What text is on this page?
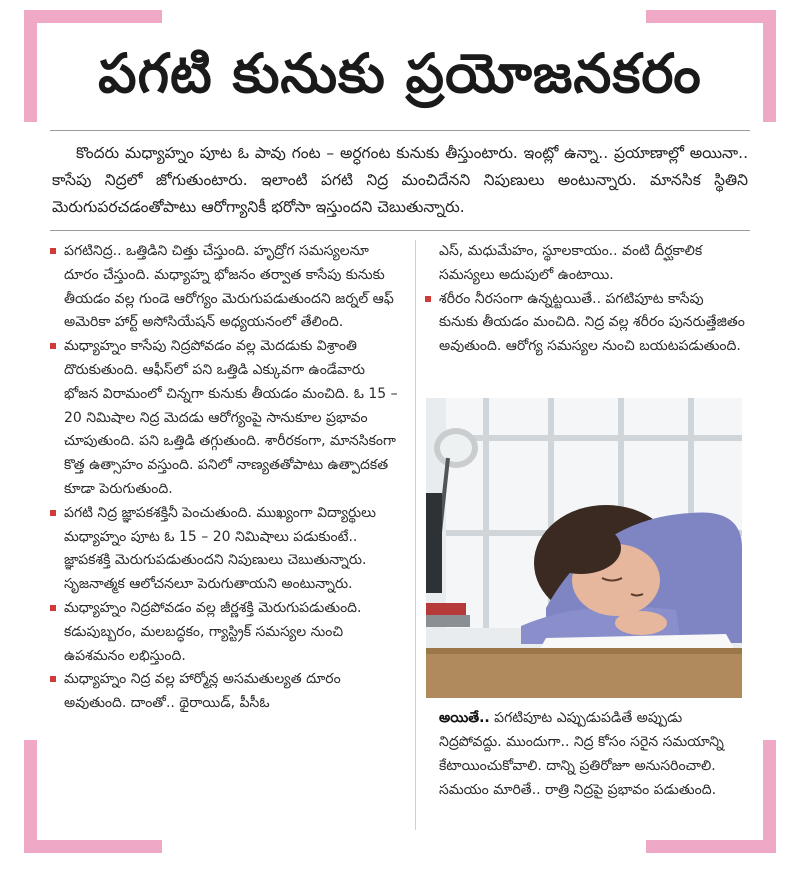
పగటి కునుకు ప్రయోజనకరం
కొందరు మధ్యాహ్నం పూట ఓ పావు గంట – అర్ధగంట కునుకు తీస్తుంటారు. ఇంట్లో ఉన్నా.. ప్రయాణాల్లో అయినా.. కాసేపు నిద్రలో జోగుతుంటారు. ఇలాంటి పగటి నిద్ర మంచిదేనని నిపుణులు అంటున్నారు. మానసిక స్థితిని మెరుగుపరచడంతోపాటు ఆరోగ్యానికీ భరోసా ఇస్తుందని చెబుతున్నారు.

పగటినిద్ర.. ఒత్తిడిని చిత్తు చేస్తుంది. హృద్రోగ సమస్యలనూ దూరం చేస్తుంది. మధ్యాహ్న భోజనం తర్వాత కాసేపు కునుకు తీయడం వల్ల గుండె ఆరోగ్యం మెరుగుపడుతుందని జర్నల్‌ ఆఫ్‌ అమెరికా హార్ట్‌ అసోసియేషన్‌ అధ్యయనంలో తేలింది.

మధ్యాహ్నం కాసేపు నిద్రపోవడం వల్ల మెదడుకు విశ్రాంతి దొరుకుతుంది. ఆఫీస్‌లో పని ఒత్తిడి ఎక్కువగా ఉండేవారు భోజన విరామంలో చిన్నగా కునుకు తీయడం మంచిది. ఓ 15 – 20 నిమిషాల నిద్ర మెదడు ఆరోగ్యంపై సానుకూల ప్రభావం చూపుతుంది. పని ఒత్తిడి తగ్గుతుంది. శారీరకంగా, మానసికంగా కొత్త ఉత్సాహం వస్తుంది. పనిలో నాణ్యతతోపాటు ఉత్పాదకత కూడా పెరుగుతుంది.

పగటి నిద్ర జ్ఞాపకశక్తినీ పెంచుతుంది. ముఖ్యంగా విద్యార్థులు మధ్యాహ్నం పూట ఓ 15 – 20 నిమిషాలు పడుకుంటే.. జ్ఞాపకశక్తి మెరుగుపడుతుందని నిపుణులు చెబుతున్నారు. సృజనాత్మక ఆలోచనలూ పెరుగుతాయని అంటున్నారు.

మధ్యాహ్నం నిద్రపోవడం వల్ల జీర్ణశక్తి మెరుగుపడుతుంది. కడుపుబ్బరం, మలబద్ధకం, గ్యాస్ట్రిక్‌ సమస్యల నుంచి ఉపశమనం లభిస్తుంది.

మధ్యాహ్నం నిద్ర వల్ల హార్మోన్ల అసమతుల్యత దూరం అవుతుంది. దాంతో.. థైరాయిడ్‌, పీసీఓ

ఎస్‌, మధుమేహం, స్థూలకాయం.. వంటి దీర్ఘకాలిక సమస్యలు అదుపులో ఉంటాయి.

శరీరం నీరసంగా ఉన్నట్టయితే.. పగటిపూట కాసేపు కునుకు తీయడం మంచిది. నిద్ర వల్ల శరీరం పునరుత్తేజితం అవుతుంది. ఆరోగ్య సమస్యల నుంచి బయటపడుతుంది.

అయితే.. పగటిపూట ఎప్పుడుపడితే అప్పుడు నిద్రపోవద్దు. ముందుగా.. నిద్ర కోసం సరైన సమయాన్ని కేటాయించుకోవాలి. దాన్ని ప్రతిరోజూ అనుసరించాలి. సమయం మారితే.. రాత్రి నిద్రపై ప్రభావం పడుతుంది.
